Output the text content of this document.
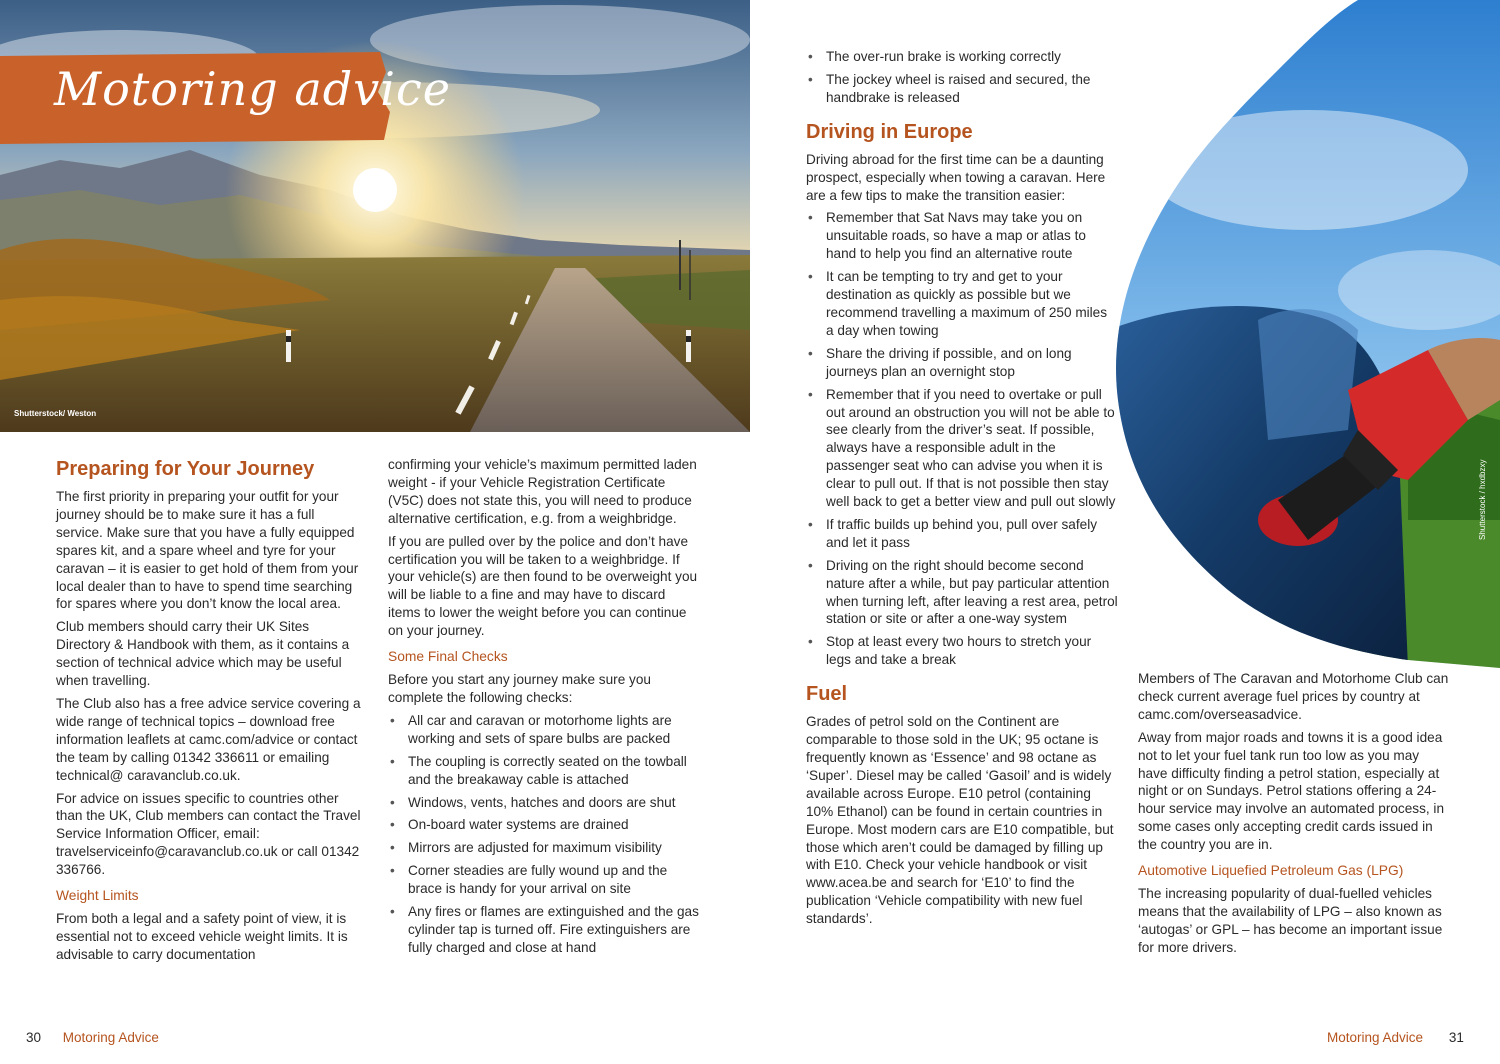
Motoring advice
Shutterstock/ Weston
Preparing for Your Journey

The first priority in preparing your outfit for your journey should be to make sure it has a full service. Make sure that you have a fully equipped spares kit, and a spare wheel and tyre for your caravan – it is easier to get hold of them from your local dealer than to have to spend time searching for spares where you don’t know the local area.

Club members should carry their UK Sites Directory & Handbook with them, as it contains a section of technical advice which may be useful when travelling.

The Club also has a free advice service covering a wide range of technical topics – download free information leaflets at camc.com/advice or contact the team by calling 01342 336611 or emailing technical@ caravanclub.co.uk.

For advice on issues specific to countries other than the UK, Club members can contact the Travel Service Information Officer, email: travelserviceinfo@caravanclub.co.uk or call 01342 336766.

Weight Limits

From both a legal and a safety point of view, it is essential not to exceed vehicle weight limits. It is advisable to carry documentation

confirming your vehicle’s maximum permitted laden weight - if your Vehicle Registration Certificate (V5C) does not state this, you will need to produce alternative certification, e.g. from a weighbridge.

If you are pulled over by the police and don’t have certification you will be taken to a weighbridge. If your vehicle(s) are then found to be overweight you will be liable to a fine and may have to discard items to lower the weight before you can continue on your journey.

Some Final Checks

Before you start any journey make sure you complete the following checks:

• All car and caravan or motorhome lights are working and sets of spare bulbs are packed
• The coupling is correctly seated on the towball and the breakaway cable is attached
• Windows, vents, hatches and doors are shut
• On-board water systems are drained
• Mirrors are adjusted for maximum visibility
• Corner steadies are fully wound up and the brace is handy for your arrival on site
• Any fires or flames are extinguished and the gas cylinder tap is turned off. Fire extinguishers are fully charged and close at hand
30 Motoring Advice
Shutterstock / hxdbzxy
• The over-run brake is working correctly
• The jockey wheel is raised and secured, the handbrake is released
Driving in Europe

Driving abroad for the first time can be a daunting prospect, especially when towing a caravan. Here are a few tips to make the transition easier:

• Remember that Sat Navs may take you on unsuitable roads, so have a map or atlas to hand to help you find an alternative route
• It can be tempting to try and get to your destination as quickly as possible but we recommend travelling a maximum of 250 miles a day when towing
• Share the driving if possible, and on long journeys plan an overnight stop
• Remember that if you need to overtake or pull out around an obstruction you will not be able to see clearly from the driver’s seat. If possible, always have a responsible adult in the passenger seat who can advise you when it is clear to pull out. If that is not possible then stay well back to get a better view and pull out slowly
• If traffic builds up behind you, pull over safely and let it pass
• Driving on the right should become second nature after a while, but pay particular attention when turning left, after leaving a rest area, petrol station or site or after a one-way system
• Stop at least every two hours to stretch your legs and take a break
Fuel

Grades of petrol sold on the Continent are comparable to those sold in the UK; 95 octane is frequently known as ‘Essence’ and 98 octane as ‘Super’. Diesel may be called ‘Gasoil’ and is widely available across Europe. E10 petrol (containing 10% Ethanol) can be found in certain countries in Europe. Most modern cars are E10 compatible, but those which aren’t could be damaged by filling up with E10. Check your vehicle handbook or visit www.acea.be and search for ‘E10’ to find the publication ‘Vehicle compatibility with new fuel standards’.

Members of The Caravan and Motorhome Club can check current average fuel prices by country at camc.com/overseasadvice.

Away from major roads and towns it is a good idea not to let your fuel tank run too low as you may have difficulty finding a petrol station, especially at night or on Sundays. Petrol stations offering a 24-hour service may involve an automated process, in some cases only accepting credit cards issued in the country you are in.

Automotive Liquefied Petroleum Gas (LPG)

The increasing popularity of dual-fuelled vehicles means that the availability of LPG – also known as ‘autogas’ or GPL – has become an important issue for more drivers.

Motoring Advice 31
